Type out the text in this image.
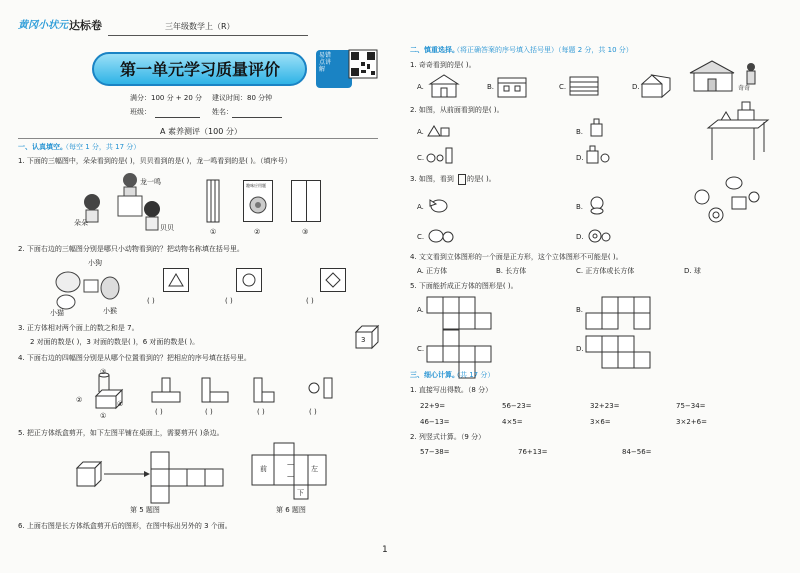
黄冈小状元 达标卷	三年级数学上（R）
第一单元学习质量评价
易错点讲解
满分：100 分 + 20 分 建议时间：80 分钟
班级：	姓名：
A 素养测评（100 分）
一、认真填空。
（每空 1 分，共 17 分）
1. 下面的三幅图中，朵朵看到的是( )，贝贝看到的是( )，龙一鸣看到的是( )。（填序号）
龙一鸣
朵朵
贝贝	①
趣味应用题
②	③
2. 下面右边的三幅图分别是哪只小动物看到的？把动物名称填在括号里。
小狗
小猫	小猴
( )	( )	( )
3. 正方体相对两个面上的数之和是 7。
2 对面的数是( )，3 对面的数是( )，6 对面的数是( )。	3
4. 下面右边的四幅图分别是从哪个位置看到的？把相应的序号填在括号里。
③
②
①
④
( )	( )	( )	( )
5. 把正方体纸盒剪开，如下左图平铺在桌面上，需要剪开( )条边。
第 5 题图
前
—
—
左
下
第 6 题图
6. 上面右图是长方体纸盒剪开后的图形，在图中标出另外的 3 个面。
1
二、慎重选择。
（将正确答案的序号填入括号里）（每题 2 分，共 10 分）
1. 奇奇看到的是( )。
A.	B.	C.	D.	奇奇
2. 如图，从前面看到的是( )。
A.	B.
C.	D.
3. 如图，看到 的是( )。
A.	B.
C.	D.
4. 文文看到立体图形的一个面是正方形，这个立体图形不可能是( )。
A. 正方体	B. 长方体	C. 正方体或长方体	D. 球
5. 下面能折成正方体的图形是( )。
A.	B.
C.	D.
三、细心计算。
（共 17 分）
1. 直接写出得数。（8 分）
22+9=	56−23=	32+23=	75−34=
46−13=	4×5=	3×6=	3×2+6=
2. 列竖式计算。（9 分）
57−38=	76+13=	84−56=
